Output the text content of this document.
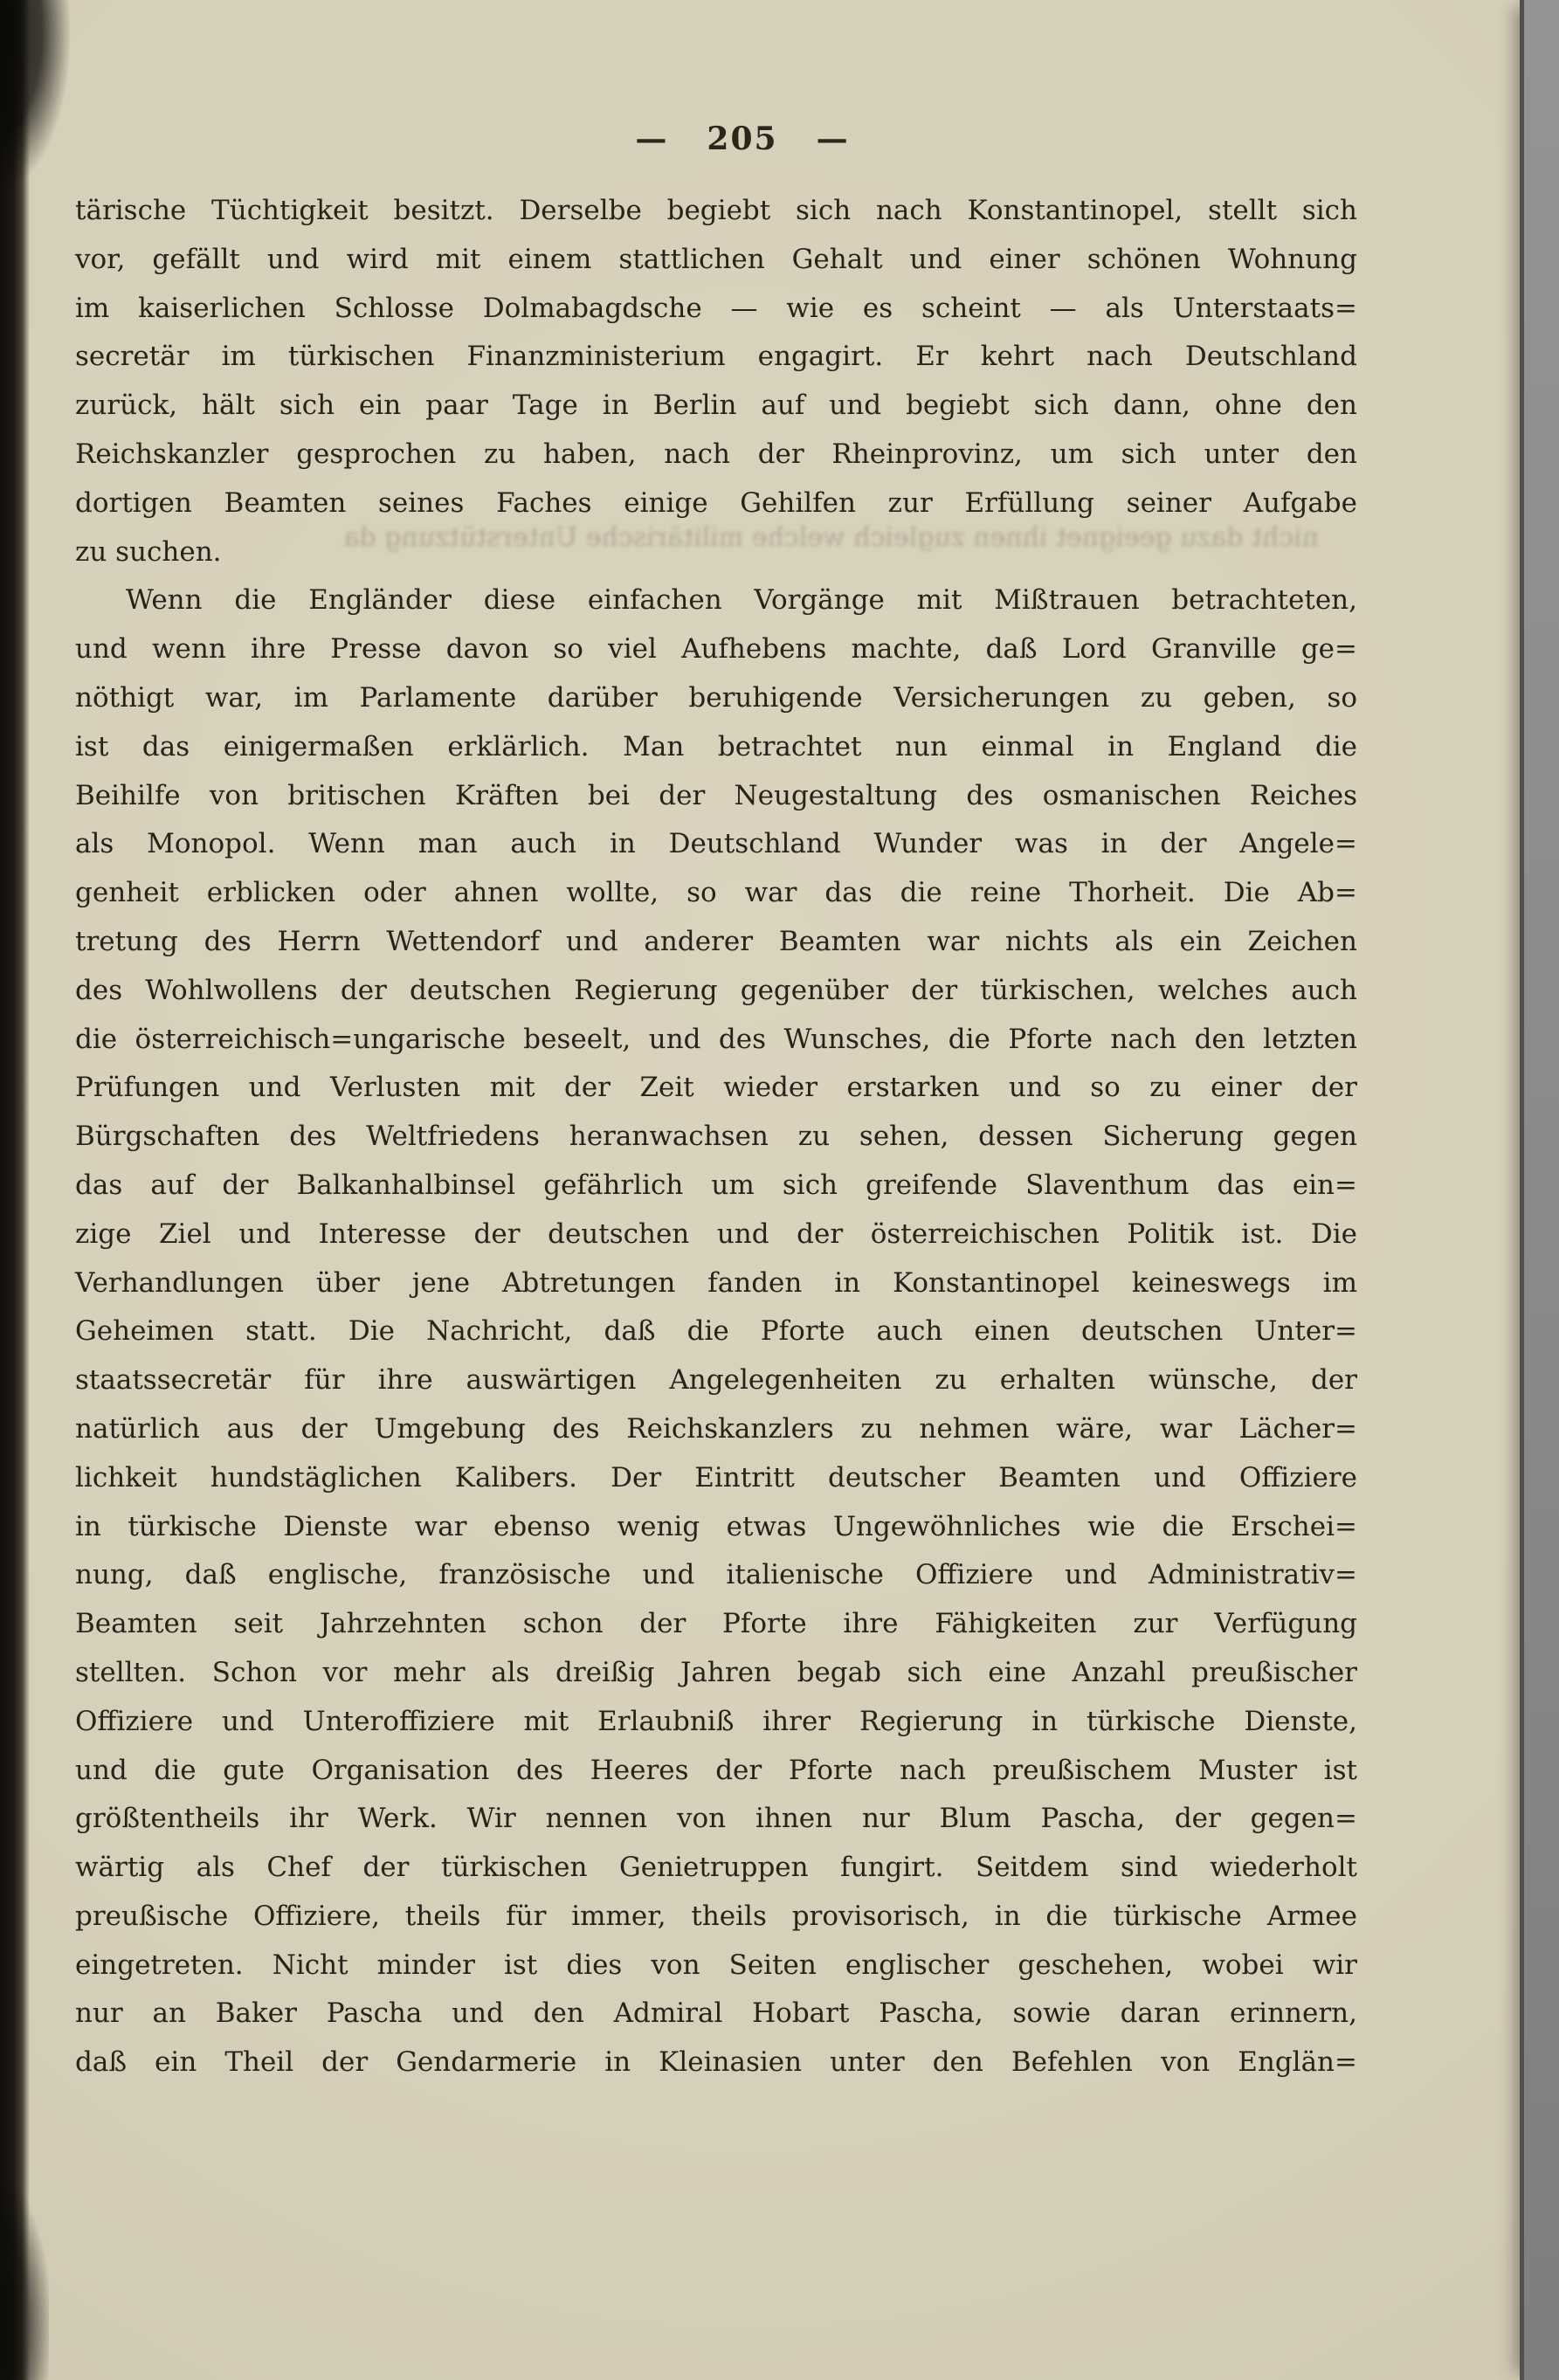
— 205 —
nicht dazu geeignet ihnen zugleich welche militärische Unterstützung da
tärische Tüchtigkeit besitzt. Derselbe begiebt sich nach Konstantinopel, stellt sich
vor, gefällt und wird mit einem stattlichen Gehalt und einer schönen Wohnung
im kaiserlichen Schlosse Dolmabagdsche — wie es scheint — als Unterstaats=
secretär im türkischen Finanzministerium engagirt. Er kehrt nach Deutschland
zurück, hält sich ein paar Tage in Berlin auf und begiebt sich dann, ohne den
Reichskanzler gesprochen zu haben, nach der Rheinprovinz, um sich unter den
dortigen Beamten seines Faches einige Gehilfen zur Erfüllung seiner Aufgabe
zu suchen.
Wenn die Engländer diese einfachen Vorgänge mit Mißtrauen betrachteten,
und wenn ihre Presse davon so viel Aufhebens machte, daß Lord Granville ge=
nöthigt war, im Parlamente darüber beruhigende Versicherungen zu geben, so
ist das einigermaßen erklärlich. Man betrachtet nun einmal in England die
Beihilfe von britischen Kräften bei der Neugestaltung des osmanischen Reiches
als Monopol. Wenn man auch in Deutschland Wunder was in der Angele=
genheit erblicken oder ahnen wollte, so war das die reine Thorheit. Die Ab=
tretung des Herrn Wettendorf und anderer Beamten war nichts als ein Zeichen
des Wohlwollens der deutschen Regierung gegenüber der türkischen, welches auch
die österreichisch=ungarische beseelt, und des Wunsches, die Pforte nach den letzten
Prüfungen und Verlusten mit der Zeit wieder erstarken und so zu einer der
Bürgschaften des Weltfriedens heranwachsen zu sehen, dessen Sicherung gegen
das auf der Balkanhalbinsel gefährlich um sich greifende Slaventhum das ein=
zige Ziel und Interesse der deutschen und der österreichischen Politik ist. Die
Verhandlungen über jene Abtretungen fanden in Konstantinopel keineswegs im
Geheimen statt. Die Nachricht, daß die Pforte auch einen deutschen Unter=
staatssecretär für ihre auswärtigen Angelegenheiten zu erhalten wünsche, der
natürlich aus der Umgebung des Reichskanzlers zu nehmen wäre, war Lächer=
lichkeit hundstäglichen Kalibers. Der Eintritt deutscher Beamten und Offiziere
in türkische Dienste war ebenso wenig etwas Ungewöhnliches wie die Erschei=
nung, daß englische, französische und italienische Offiziere und Administrativ=
Beamten seit Jahrzehnten schon der Pforte ihre Fähigkeiten zur Verfügung
stellten. Schon vor mehr als dreißig Jahren begab sich eine Anzahl preußischer
Offiziere und Unteroffiziere mit Erlaubniß ihrer Regierung in türkische Dienste,
und die gute Organisation des Heeres der Pforte nach preußischem Muster ist
größtentheils ihr Werk. Wir nennen von ihnen nur Blum Pascha, der gegen=
wärtig als Chef der türkischen Genietruppen fungirt. Seitdem sind wiederholt
preußische Offiziere, theils für immer, theils provisorisch, in die türkische Armee
eingetreten. Nicht minder ist dies von Seiten englischer geschehen, wobei wir
nur an Baker Pascha und den Admiral Hobart Pascha, sowie daran erinnern,
daß ein Theil der Gendarmerie in Kleinasien unter den Befehlen von Englän=
